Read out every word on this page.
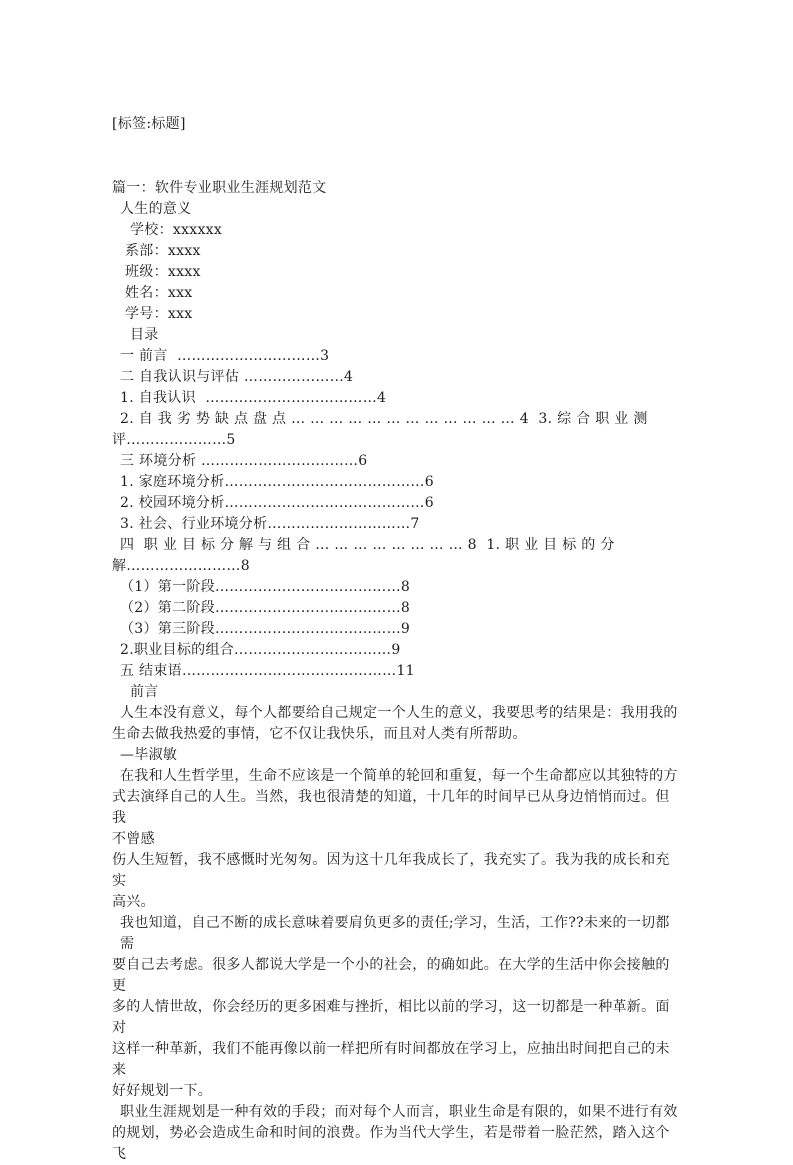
[标签:标题]
篇一：软件专业职业生涯规划范文
人生的意义
学校：xxxxxx
系部：xxxx
班级：xxxx
姓名：xxx
学号：xxx
目录
一 前言  …………………………3
二 自我认识与评估 …………………4
1. 自我认识  ………………………………4
2. 自 我 劣 势 缺 点 盘 点 … … … … … … … … … … … … 4  3. 综 合 职 业 测
评…………………5
三 环境分析 ……………………………6
1. 家庭环境分析……………………………………6
2. 校园环境分析……………………………………6
3. 社会、行业环境分析…………………………7
四  职 业 目 标 分 解 与 组 合 … … … … … … … … 8  1. 职 业 目 标 的 分
解……………………8
（1）第一阶段…………………………………8
（2）第二阶段…………………………………8
（3）第三阶段…………………………………9
2.职业目标的组合……………………………9
五 结束语………………………………………11
前言
人生本没有意义，每个人都要给自己规定一个人生的意义，我要思考的结果是：我用我的
生命去做我热爱的事情，它不仅让我快乐，而且对人类有所帮助。
—毕淑敏
在我和人生哲学里，生命不应该是一个简单的轮回和重复，每一个生命都应以其独特的方
式去演绎自己的人生。当然，我也很清楚的知道，十几年的时间早已从身边悄悄而过。但我
不曾感
伤人生短暂，我不感慨时光匆匆。因为这十几年我成长了，我充实了。我为我的成长和充实
高兴。
我也知道，自己不断的成长意味着要肩负更多的责任;学习，生活，工作??未来的一切都需
要自己去考虑。很多人都说大学是一个小的社会，的确如此。在大学的生活中你会接触的更
多的人情世故，你会经历的更多困难与挫折，相比以前的学习，这一切都是一种革新。面对
这样一种革新，我们不能再像以前一样把所有时间都放在学习上，应抽出时间把自己的未来
好好规划一下。
职业生涯规划是一种有效的手段；而对每个人而言，职业生命是有限的，如果不进行有效
的规划，势必会造成生命和时间的浪费。作为当代大学生，若是带着一脸茫然，踏入这个飞
